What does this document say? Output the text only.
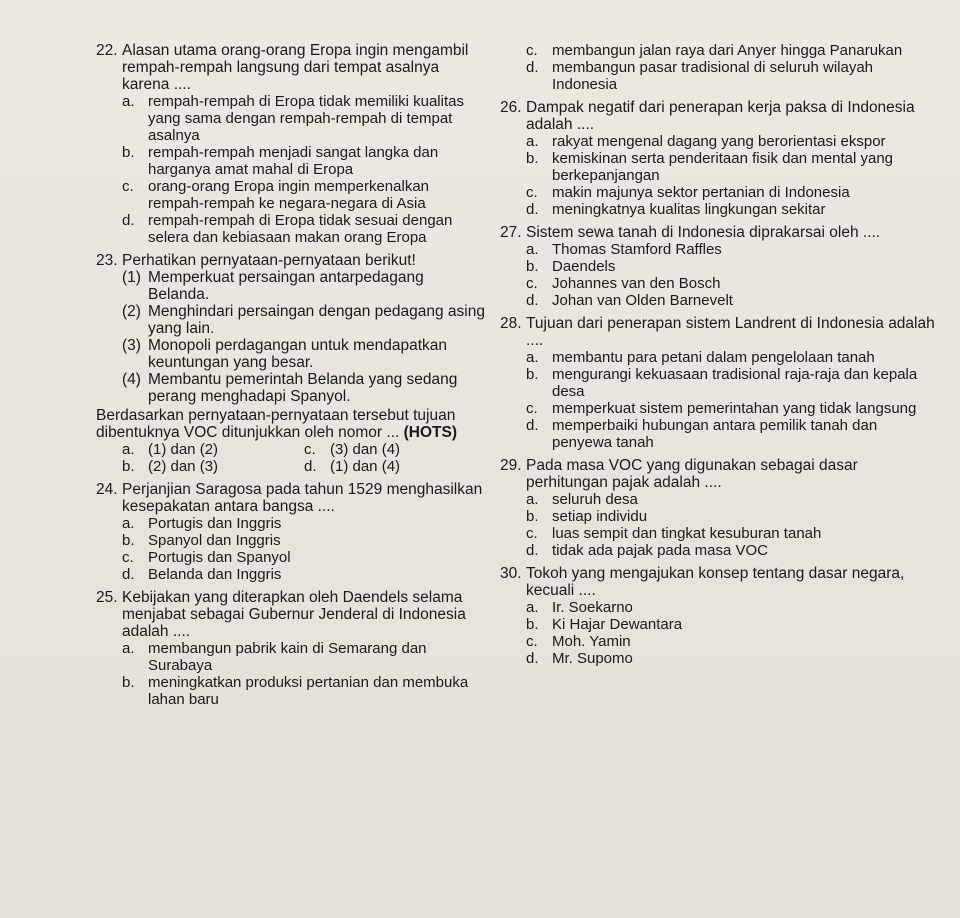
22. Alasan utama orang-orang Eropa ingin mengambil rempah-rempah langsung dari tempat asalnya karena ....
a. rempah-rempah di Eropa tidak memiliki kualitas yang sama dengan rempah-rempah di tempat asalnya
b. rempah-rempah menjadi sangat langka dan harganya amat mahal di Eropa
c. orang-orang Eropa ingin memperkenalkan rempah-rempah ke negara-negara di Asia
d. rempah-rempah di Eropa tidak sesuai dengan selera dan kebiasaan makan orang Eropa
23. Perhatikan pernyataan-pernyataan berikut!
(1) Memperkuat persaingan antarpedagang Belanda.
(2) Menghindari persaingan dengan pedagang asing yang lain.
(3) Monopoli perdagangan untuk mendapatkan keuntungan yang besar.
(4) Membantu pemerintah Belanda yang sedang perang menghadapi Spanyol.
Berdasarkan pernyataan-pernyataan tersebut tujuan dibentuknya VOC ditunjukkan oleh nomor ... (HOTS)
a. (1) dan (2)	c. (3) dan (4)
b. (2) dan (3)	d. (1) dan (4)
24. Perjanjian Saragosa pada tahun 1529 menghasilkan kesepakatan antara bangsa ....
a. Portugis dan Inggris
b. Spanyol dan Inggris
c. Portugis dan Spanyol
d. Belanda dan Inggris
25. Kebijakan yang diterapkan oleh Daendels selama menjabat sebagai Gubernur Jenderal di Indonesia adalah ....
a. membangun pabrik kain di Semarang dan Surabaya
b. meningkatkan produksi pertanian dan membuka lahan baru
c. membangun jalan raya dari Anyer hingga Panarukan
d. membangun pasar tradisional di seluruh wilayah Indonesia
26. Dampak negatif dari penerapan kerja paksa di Indonesia adalah ....
a. rakyat mengenal dagang yang berorientasi ekspor
b. kemiskinan serta penderitaan fisik dan mental yang berkepanjangan
c. makin majunya sektor pertanian di Indonesia
d. meningkatnya kualitas lingkungan sekitar
27. Sistem sewa tanah di Indonesia diprakarsai oleh ....
a. Thomas Stamford Raffles
b. Daendels
c. Johannes van den Bosch
d. Johan van Olden Barnevelt
28. Tujuan dari penerapan sistem Landrent di Indonesia adalah ....
a. membantu para petani dalam pengelolaan tanah
b. mengurangi kekuasaan tradisional raja-raja dan kepala desa
c. memperkuat sistem pemerintahan yang tidak langsung
d. memperbaiki hubungan antara pemilik tanah dan penyewa tanah
29. Pada masa VOC yang digunakan sebagai dasar perhitungan pajak adalah ....
a. seluruh desa
b. setiap individu
c. luas sempit dan tingkat kesuburan tanah
d. tidak ada pajak pada masa VOC
30. Tokoh yang mengajukan konsep tentang dasar negara, kecuali ....
a. Ir. Soekarno
b. Ki Hajar Dewantara
c. Moh. Yamin
d. Mr. Supomo
